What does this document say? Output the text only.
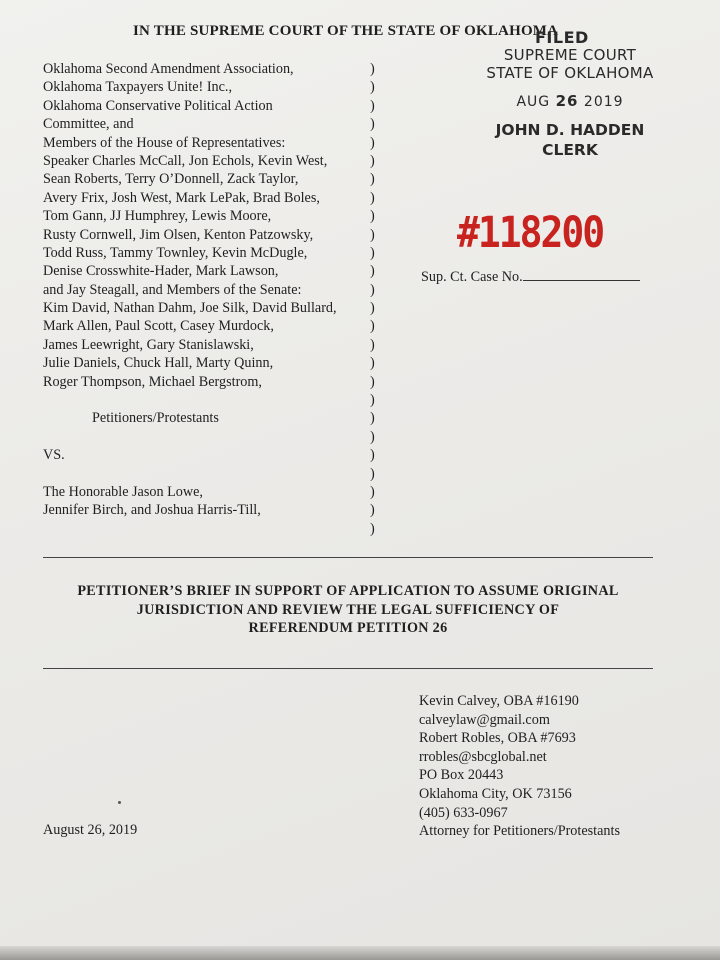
IN THE SUPREME COURT OF THE STATE OF OKLAHOMA
Oklahoma Second Amendment Association,
Oklahoma Taxpayers Unite! Inc.,
Oklahoma Conservative Political Action
Committee, and
Members of the House of Representatives:
Speaker Charles McCall, Jon Echols, Kevin West,
Sean Roberts, Terry O’Donnell, Zack Taylor,
Avery Frix, Josh West, Mark LePak, Brad Boles,
Tom Gann, JJ Humphrey, Lewis Moore,
Rusty Cornwell, Jim Olsen, Kenton Patzowsky,
Todd Russ, Tammy Townley, Kevin McDugle,
Denise Crosswhite-Hader, Mark Lawson,
and Jay Steagall, and Members of the Senate:
Kim David, Nathan Dahm, Joe Silk, David Bullard,
Mark Allen, Paul Scott, Casey Murdock,
James Leewright, Gary Stanislawski,
Julie Daniels, Chuck Hall, Marty Quinn,
Roger Thompson, Michael Bergstrom,
Petitioners/Protestants
VS.
The Honorable Jason Lowe,
Jennifer Birch, and Joshua Harris-Till,
)
)
)
)
)
)
)
)
)
)
)
)
)
)
)
)
)
)
)
)
)
)
)
)
)
)
FILED
SUPREME COURT
STATE OF OKLAHOMA
AUG 26 2019
JOHN D. HADDEN
CLERK
#118200
Sup. Ct. Case No.
PETITIONER’S BRIEF IN SUPPORT OF APPLICATION TO ASSUME ORIGINAL
JURISDICTION AND REVIEW THE LEGAL SUFFICIENCY OF
REFERENDUM PETITION 26
Kevin Calvey, OBA #16190
calveylaw@gmail.com
Robert Robles, OBA #7693
rrobles@sbcglobal.net
PO Box 20443
Oklahoma City, OK 73156
(405) 633-0967
Attorney for Petitioners/Protestants
August 26, 2019
